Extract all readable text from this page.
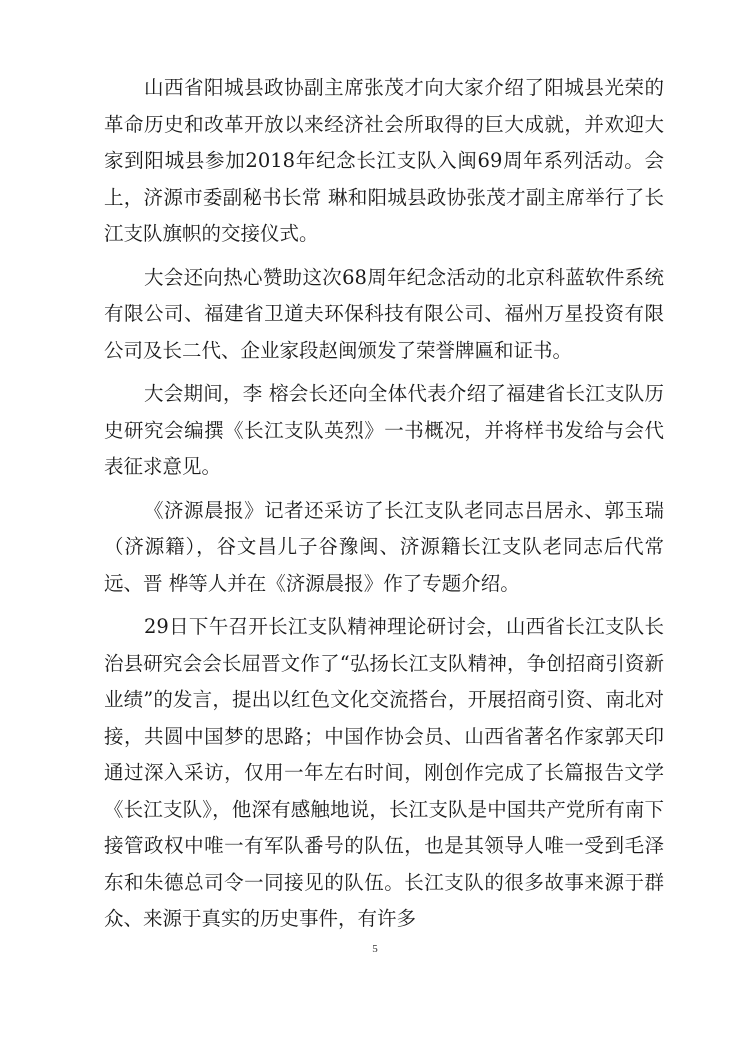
山西省阳城县政协副主席张茂才向大家介绍了阳城县光荣的革命历史和改革开放以来经济社会所取得的巨大成就，并欢迎大家到阳城县参加2018年纪念长江支队入闽69周年系列活动。会上，济源市委副秘书长常 琳和阳城县政协张茂才副主席举行了长江支队旗帜的交接仪式。

大会还向热心赞助这次68周年纪念活动的北京科蓝软件系统有限公司、福建省卫道夫环保科技有限公司、福州万星投资有限公司及长二代、企业家段赵闽颁发了荣誉牌匾和证书。

大会期间，李 榕会长还向全体代表介绍了福建省长江支队历史研究会编撰《长江支队英烈》一书概况，并将样书发给与会代表征求意见。

《济源晨报》记者还采访了长江支队老同志吕居永、郭玉瑞（济源籍），谷文昌儿子谷豫闽、济源籍长江支队老同志后代常 远、晋 桦等人并在《济源晨报》作了专题介绍。

29日下午召开长江支队精神理论研讨会，山西省长江支队长治县研究会会长屈晋文作了“弘扬长江支队精神，争创招商引资新业绩”的发言，提出以红色文化交流搭台，开展招商引资、南北对接，共圆中国梦的思路；中国作协会员、山西省著名作家郭天印通过深入采访，仅用一年左右时间，刚创作完成了长篇报告文学《长江支队》，他深有感触地说，长江支队是中国共产党所有南下接管政权中唯一有军队番号的队伍，也是其领导人唯一受到毛泽东和朱德总司令一同接见的队伍。长江支队的很多故事来源于群众、来源于真实的历史事件，有许多

5
